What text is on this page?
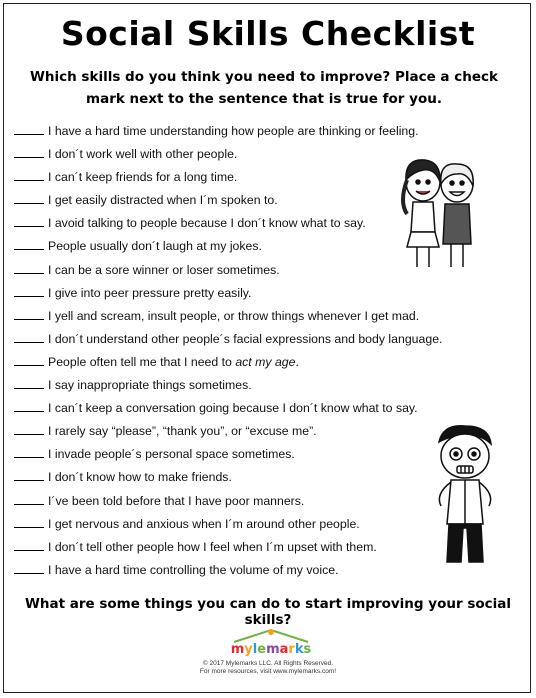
Social Skills Checklist
Which skills do you think you need to improve? Place a check mark next to the sentence that is true for you.
I have a hard time understanding how people are thinking or feeling.
I don´t work well with other people.
I can´t keep friends for a long time.
I get easily distracted when I´m spoken to.
I avoid talking to people because I don´t know what to say.
People usually don´t laugh at my jokes.
I can be a sore winner or loser sometimes.
I give into peer pressure pretty easily.
I yell and scream, insult people, or throw things whenever I get mad.
I don´t understand other people´s facial expressions and body language.
People often tell me that I need to act my age.
I say inappropriate things sometimes.
I can´t keep a conversation going because I don´t know what to say.
I rarely say “please”, “thank you”, or “excuse me”.
I invade people´s personal space sometimes.
I don´t know how to make friends.
I´ve been told before that I have poor manners.
I get nervous and anxious when I´m around other people.
I don´t tell other people how I feel when I´m upset with them.
I have a hard time controlling the volume of my voice.
What are some things you can do to start improving your social skills?
mylemarks
© 2017 Mylemarks LLC. All Rights Reserved.
For more resources, visit www.mylemarks.com!
